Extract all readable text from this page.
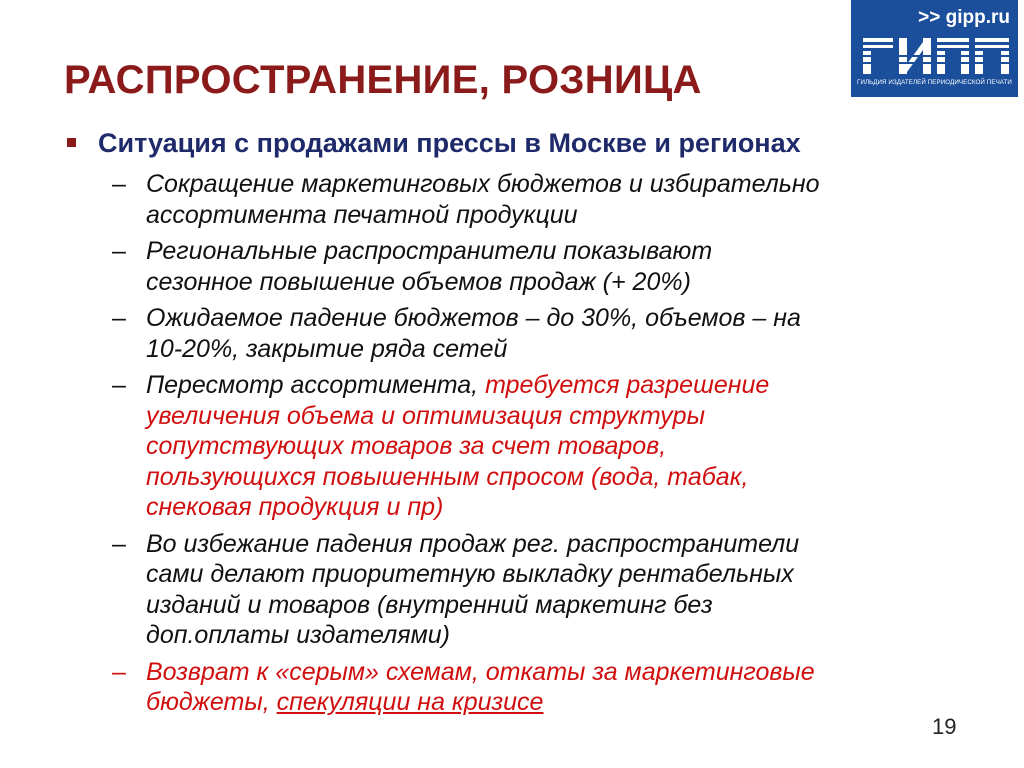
РАСПРОСТРАНЕНИЕ, РОЗНИЦА
>> gipp.ru
ГИЛЬДИЯ ИЗДАТЕЛЕЙ ПЕРИОДИЧЕСКОЙ ПЕЧАТИ
Ситуация с продажами прессы в Москве и регионах
– Сокращение маркетинговых бюджетов и избирательно
ассортимента печатной продукции
– Региональные распространители показывают
сезонное повышение объемов продаж (+ 20%)
– Ожидаемое падение бюджетов – до 30%, объемов – на
10-20%, закрытие ряда сетей
– Пересмотр ассортимента, требуется разрешение
увеличения объема и оптимизация структуры
сопутствующих товаров за счет товаров,
пользующихся повышенным спросом (вода, табак,
снековая продукция и пр)
– Во избежание падения продаж рег. распространители
сами делают приоритетную выкладку рентабельных
изданий и товаров (внутренний маркетинг без
доп.оплаты издателями)
– Возврат к «серым» схемам, откаты за маркетинговые
бюджеты, спекуляции на кризисе
19
